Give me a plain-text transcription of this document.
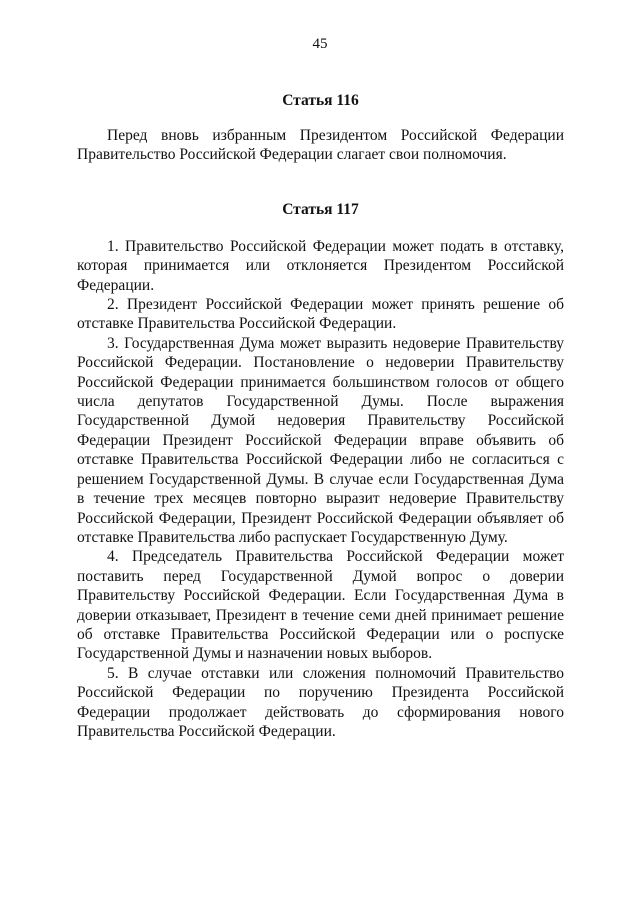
45
Статья 116

Перед вновь избранным Президентом Российской Федерации Правительство Российской Федерации слагает свои полномочия.

Статья 117

1. Правительство Российской Федерации может подать в отставку, которая принимается или отклоняется Президентом Российской Федерации.

2. Президент Российской Федерации может принять решение об отставке Правительства Российской Федерации.

3. Государственная Дума может выразить недоверие Правительству Российской Федерации. Постановление о недоверии Правительству Российской Федерации принимается большинством голосов от общего числа депутатов Государственной Думы. После выражения Государственной Думой недоверия Правительству Российской Федерации Президент Российской Федерации вправе объявить об отставке Правительства Российской Федерации либо не согласиться с решением Государственной Думы. В случае если Государственная Дума в течение трех месяцев повторно выразит недоверие Правительству Российской Федерации, Президент Российской Федерации объявляет об отставке Правительства либо распускает Государственную Думу.

4. Председатель Правительства Российской Федерации может поставить перед Государственной Думой вопрос о доверии Правительству Российской Федерации. Если Государственная Дума в доверии отказывает, Президент в течение семи дней принимает решение об отставке Правительства Российской Федерации или о роспуске Государственной Думы и назначении новых выборов.

5. В случае отставки или сложения полномочий Правительство Российской Федерации по поручению Президента Российской Федерации продолжает действовать до сформирования нового Правительства Российской Федерации.
